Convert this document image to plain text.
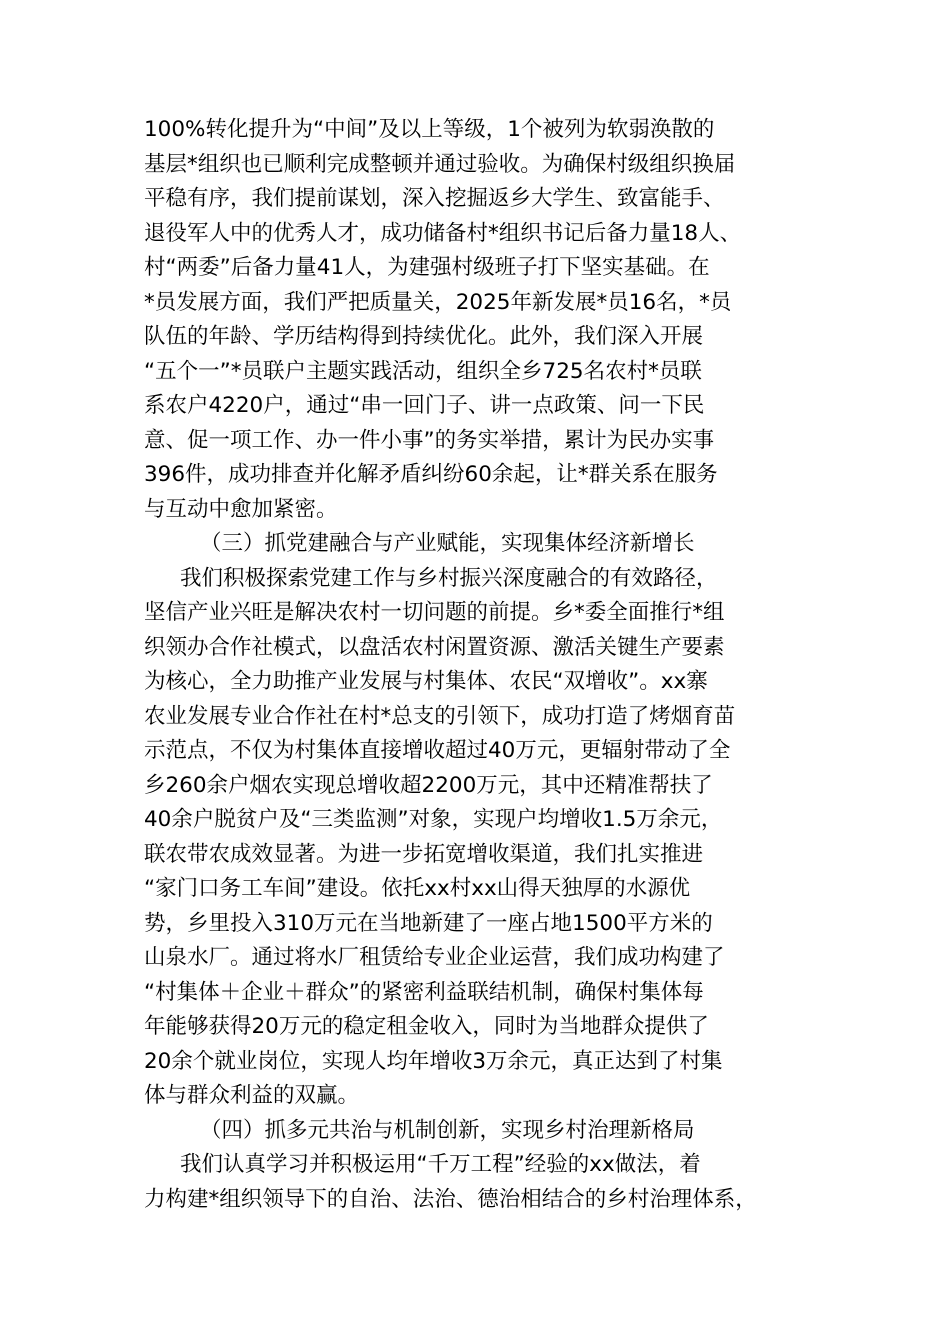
100%转化提升为“中间”及以上等级，1个被列为软弱涣散的
基层*组织也已顺利完成整顿并通过验收。为确保村级组织换届
平稳有序，我们提前谋划，深入挖掘返乡大学生、致富能手、
退役军人中的优秀人才，成功储备村*组织书记后备力量18人、
村“两委”后备力量41人，为建强村级班子打下坚实基础。在
*员发展方面，我们严把质量关，2025年新发展*员16名，*员
队伍的年龄、学历结构得到持续优化。此外，我们深入开展
“五个一”*员联户主题实践活动，组织全乡725名农村*员联
系农户4220户，通过“串一回门子、讲一点政策、问一下民
意、促一项工作、办一件小事”的务实举措，累计为民办实事
396件，成功排查并化解矛盾纠纷60余起，让*群关系在服务
与互动中愈加紧密。
（三）抓党建融合与产业赋能，实现集体经济新增长
我们积极探索党建工作与乡村振兴深度融合的有效路径，
坚信产业兴旺是解决农村一切问题的前提。乡*委全面推行*组
织领办合作社模式，以盘活农村闲置资源、激活关键生产要素
为核心，全力助推产业发展与村集体、农民“双增收”。xx寨
农业发展专业合作社在村*总支的引领下，成功打造了烤烟育苗
示范点，不仅为村集体直接增收超过40万元，更辐射带动了全
乡260余户烟农实现总增收超2200万元，其中还精准帮扶了
40余户脱贫户及“三类监测”对象，实现户均增收1.5万余元，
联农带农成效显著。为进一步拓宽增收渠道，我们扎实推进
“家门口务工车间”建设。依托xx村xx山得天独厚的水源优
势，乡里投入310万元在当地新建了一座占地1500平方米的
山泉水厂。通过将水厂租赁给专业企业运营，我们成功构建了
“村集体＋企业＋群众”的紧密利益联结机制，确保村集体每
年能够获得20万元的稳定租金收入，同时为当地群众提供了
20余个就业岗位，实现人均年增收3万余元，真正达到了村集
体与群众利益的双赢。
（四）抓多元共治与机制创新，实现乡村治理新格局
我们认真学习并积极运用“千万工程”经验的xx做法，着
力构建*组织领导下的自治、法治、德治相结合的乡村治理体系，
